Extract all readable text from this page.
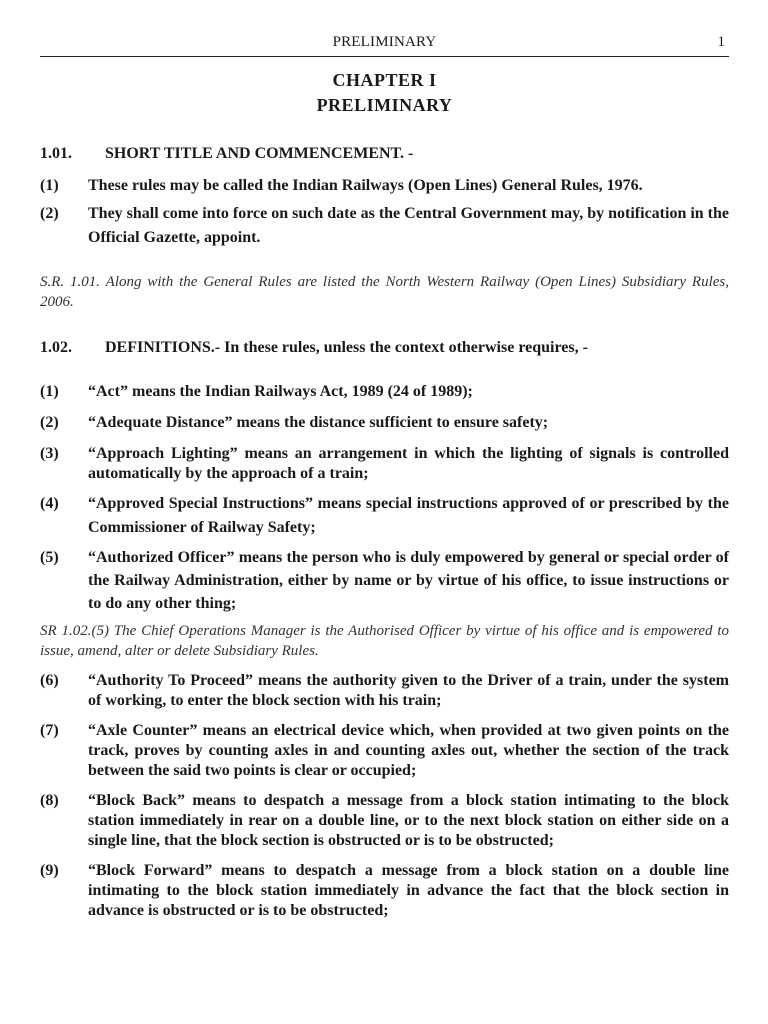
PRELIMINARY	1
CHAPTER I
PRELIMINARY
1.01.	SHORT TITLE AND COMMENCEMENT. -
(1)	These rules may be called the Indian Railways (Open Lines) General Rules, 1976.
(2)	They shall come into force on such date as the Central Government may, by notification in the Official Gazette, appoint.
S.R. 1.01. Along with the General Rules are listed the North Western Railway (Open Lines) Subsidiary Rules, 2006.
1.02.	DEFINITIONS.- In these rules, unless the context otherwise requires, -
(1)	“Act” means the Indian Railways Act, 1989 (24 of 1989);
(2)	“Adequate Distance” means the distance sufficient to ensure safety;
(3)	“Approach Lighting” means an arrangement in which the lighting of signals is controlled automatically by the approach of a train;
(4)	“Approved Special Instructions” means special instructions approved of or prescribed by the Commissioner of Railway Safety;
(5)	“Authorized Officer” means the person who is duly empowered by general or special order of the Railway Administration, either by name or by virtue of his office, to issue instructions or to do any other thing;
SR 1.02.(5) The Chief Operations Manager is the Authorised Officer by virtue of his office and is empowered to issue, amend, alter or delete Subsidiary Rules.
(6)	“Authority To Proceed” means the authority given to the Driver of a train, under the system of working, to enter the block section with his train;
(7)	“Axle Counter” means an electrical device which, when provided at two given points on the track, proves by counting axles in and counting axles out, whether the section of the track between the said two points is clear or occupied;
(8)	“Block Back” means to despatch a message from a block station intimating to the block station immediately in rear on a double line, or to the next block station on either side on a single line, that the block section is obstructed or is to be obstructed;
(9)	“Block Forward” means to despatch a message from a block station on a double line intimating to the block station immediately in advance the fact that the block section in advance is obstructed or is to be obstructed;
